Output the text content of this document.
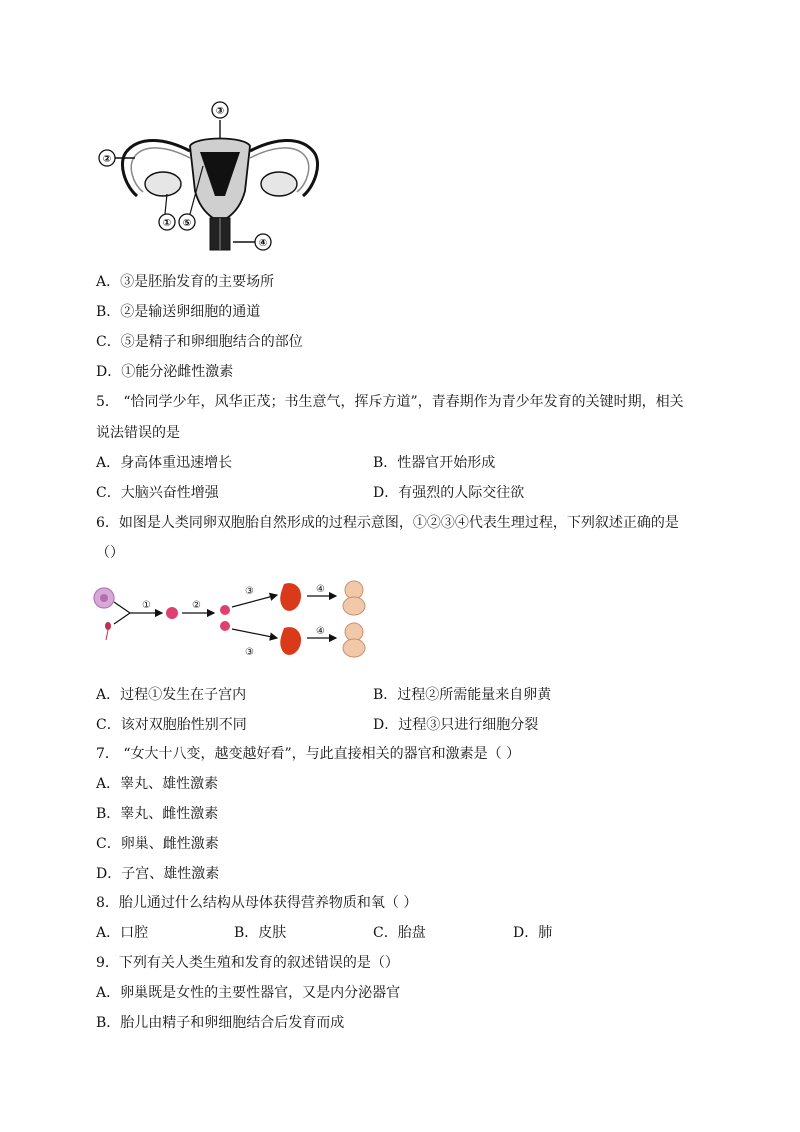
③
②
① ⑤
④
A．③是胚胎发育的主要场所
B．②是输送卵细胞的通道
C．⑤是精子和卵细胞结合的部位
D．①能分泌雌性激素
5． “恰同学少年，风华正茂；书生意气，挥斥方道”，青春期作为青少年发育的关键时期，相关
说法错误的是
A．身高体重迅速增长	B．性器官开始形成
C．大脑兴奋性增强	D．有强烈的人际交往欲
6．如图是人类同卵双胞胎自然形成的过程示意图，①②③④代表生理过程，下列叙述正确的是
（）
①	②
③	④
④
③
A．过程①发生在子宫内	B．过程②所需能量来自卵黄
C．该对双胞胎性别不同	D．过程③只进行细胞分裂
7． “女大十八变，越变越好看”，与此直接相关的器官和激素是（ ）
A．睾丸、雄性激素
B．睾丸、雌性激素
C．卵巢、雌性激素
D．子宫、雄性激素
8．胎儿通过什么结构从母体获得营养物质和氧（ ）
A．口腔	B．皮肤	C．胎盘	D．肺
9．下列有关人类生殖和发育的叙述错误的是（）
A．卵巢既是女性的主要性器官，又是内分泌器官
B．胎儿由精子和卵细胞结合后发育而成
